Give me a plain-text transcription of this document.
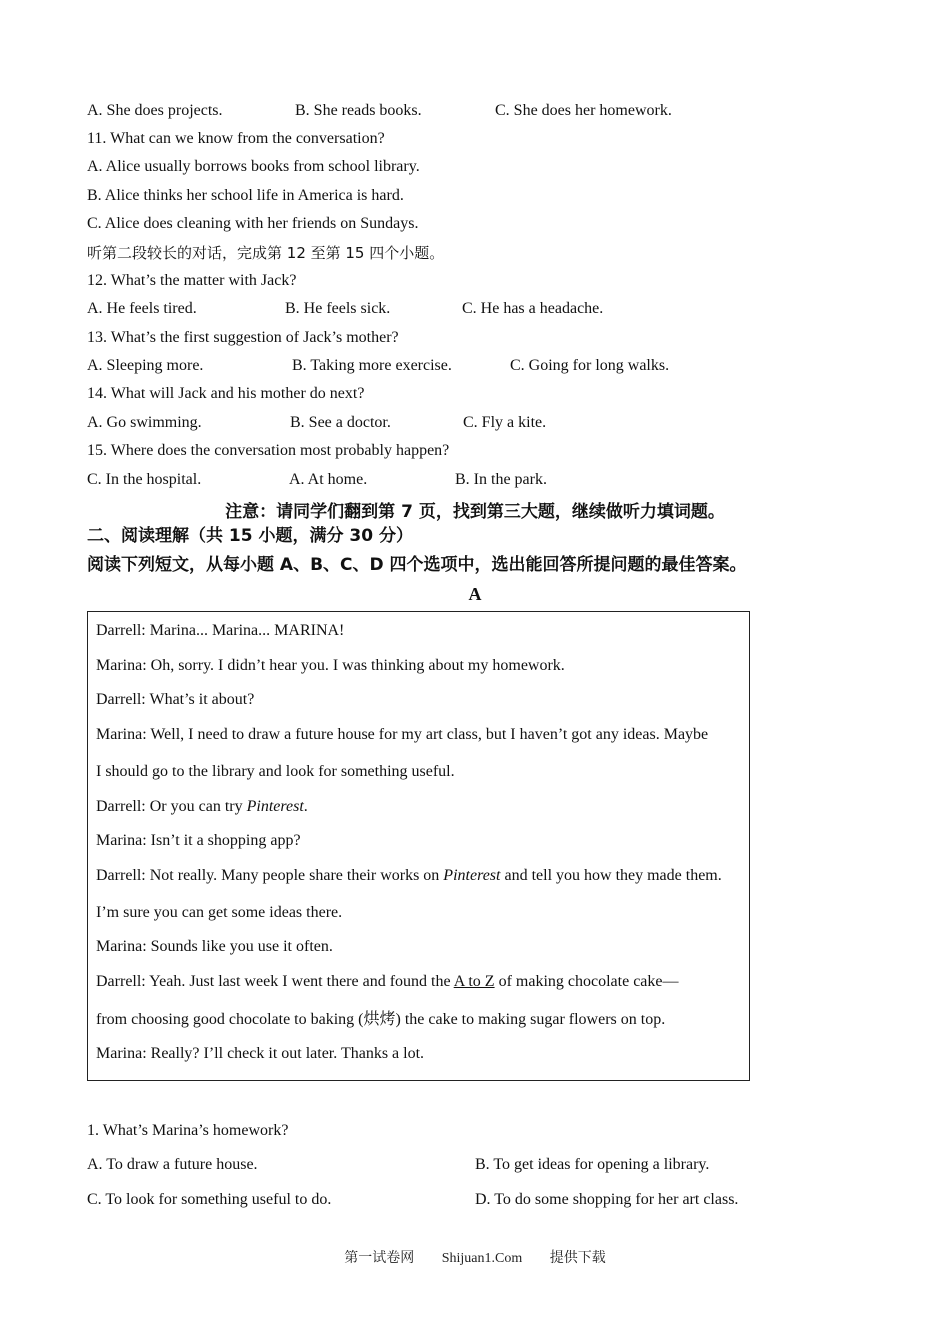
A. She does projects.	B. She reads books.	C. She does her homework.
11. What can we know from the conversation?
A. Alice usually borrows books from school library.
B. Alice thinks her school life in America is hard.
C. Alice does cleaning with her friends on Sundays.
听第二段较长的对话，完成第 12 至第 15 四个小题。
12. What’s the matter with Jack?
A. He feels tired.	B. He feels sick.	C. He has a headache.
13. What’s the first suggestion of Jack’s mother?
A. Sleeping more.	B. Taking more exercise.	C. Going for long walks.
14. What will Jack and his mother do next?
A. Go swimming.	B. See a doctor.	C. Fly a kite.
15. Where does the conversation most probably happen?
C. In the hospital.	A. At home.	B. In the park.
注意：请同学们翻到第 7 页，找到第三大题，继续做听力填词题。
二、阅读理解（共 15 小题，满分 30 分）
阅读下列短文，从每小题 A、B、C、D 四个选项中，选出能回答所提问题的最佳答案。
A
Darrell: Marina... Marina... MARINA!
Marina: Oh, sorry. I didn’t hear you. I was thinking about my homework.
Darrell: What’s it about?
Marina: Well, I need to draw a future house for my art class, but I haven’t got any ideas. Maybe
I should go to the library and look for something useful.
Darrell: Or you can try Pinterest.
Marina: Isn’t it a shopping app?
Darrell: Not really. Many people share their works on Pinterest and tell you how they made them.
I’m sure you can get some ideas there.
Marina: Sounds like you use it often.
Darrell: Yeah. Just last week I went there and found the A to Z of making chocolate cake—
from choosing good chocolate to baking (烘烤) the cake to making sugar flowers on top.
Marina: Really? I’ll check it out later. Thanks a lot.
1. What’s Marina’s homework?
A. To draw a future house.	B. To get ideas for opening a library.
C. To look for something useful to do.	D. To do some shopping for her art class.
第一试卷网 Shijuan1.Com 提供下载
